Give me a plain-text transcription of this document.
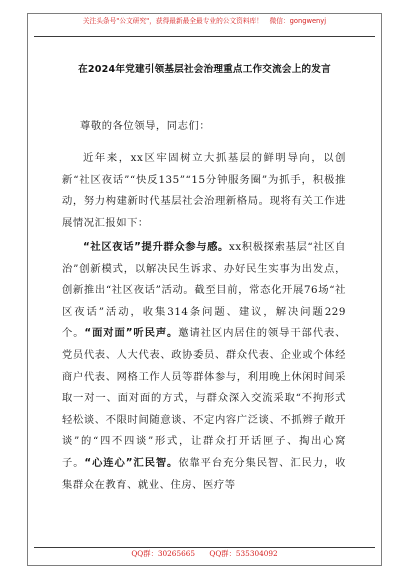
关注头条号"公文研究"，获得最新最全最专业的公文资料库！　微信：gongwenyj
在2024年党建引领基层社会治理重点工作交流会上的发言

尊敬的各位领导，同志们：

近年来，xx区牢固树立大抓基层的鲜明导向，以创新“社区夜话”“快反135”“15分钟服务圈”为抓手，积极推动，努力构建新时代基层社会治理新格局。现将有关工作进展情况汇报如下：

“社区夜话”提升群众参与感。xx积极探索基层“社区自治”创新模式，以解决民生诉求、办好民生实事为出发点，创新推出“社区夜话”活动。截至目前，常态化开展76场“社区夜话”活动，收集314条问题、建议，解决问题229个。“面对面”听民声。邀请社区内居住的领导干部代表、党员代表、人大代表、政协委员、群众代表、企业或个体经商户代表、网格工作人员等群体参与，利用晚上休闲时间采取一对一、面对面的方式，与群众深入交流采取“不拘形式轻松谈、不限时间随意谈、不定内容广泛谈、不抓辫子敞开谈”的“四不四谈”形式，让群众打开话匣子、掏出心窝子。“心连心”汇民智。依靠平台充分集民智、汇民力，收集群众在教育、就业、住房、医疗等

QQ群：30265665 QQ群：535304092
